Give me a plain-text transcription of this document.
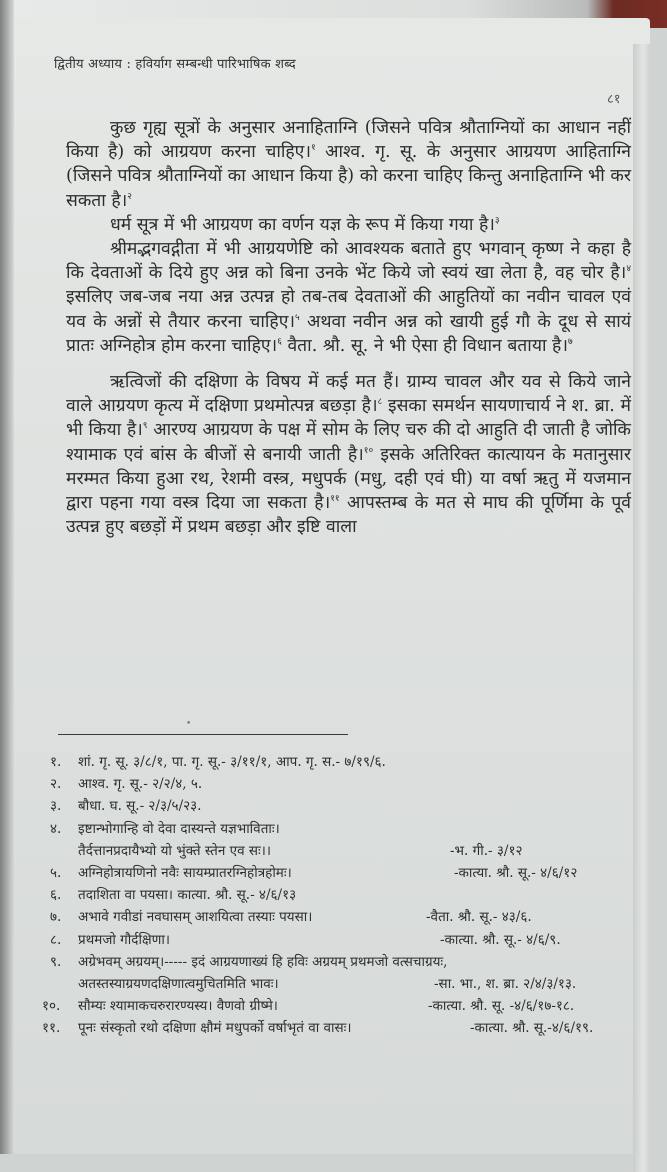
द्वितीय अध्याय : हविर्याग सम्बन्धी पारिभाषिक शब्द
८१

कुछ गृह्य सूत्रों के अनुसार अनाहिताग्नि (जिसने पवित्र श्रौताग्नियों का आधान नहीं किया है) को आग्रयण करना चाहिए।$^१$ आश्व. गृ. सू. के अनुसार आग्रयण आहिताग्नि (जिसने पवित्र श्रौताग्नियों का आधान किया है) को करना चाहिए किन्तु अनाहिताग्नि भी कर सकता है।$^२$

धर्म सूत्र में भी आग्रयण का वर्णन यज्ञ के रूप में किया गया है।$^३$

श्रीमद्भगवद्गीता में भी आग्रयणेष्टि को आवश्यक बताते हुए भगवान् कृष्ण ने कहा है कि देवताओं के दिये हुए अन्न को बिना उनके भेंट किये जो स्वयं खा लेता है, वह चोर है।$^४$ इसलिए जब-जब नया अन्न उत्पन्न हो तब-तब देवताओं की आहुतियों का नवीन चावल एवं यव के अन्नों से तैयार करना चाहिए।$^५$ अथवा नवीन अन्न को खायी हुई गौ के दूध से सायं प्रातः अग्निहोत्र होम करना चाहिए।$^६$ वैता. श्रौ. सू. ने भी ऐसा ही विधान बताया है।$^७$

ऋत्विजों की दक्षिणा के विषय में कई मत हैं। ग्राम्य चावल और यव से किये जाने वाले आग्रयण कृत्य में दक्षिणा प्रथमोत्पन्न बछड़ा है।$^८$ इसका समर्थन सायणाचार्य ने श. ब्रा. में भी किया है।$^९$ आरण्य आग्रयण के पक्ष में सोम के लिए चरु की दो आहुति दी जाती है जोकि श्यामाक एवं बांस के बीजों से बनायी जाती है।$^{१०}$ इसके अतिरिक्त कात्यायन के मतानुसार मरम्मत किया हुआ रथ, रेशमी वस्त्र, मधुपर्क (मधु, दही एवं घी) या वर्षा ऋतु में यजमान द्वारा पहना गया वस्त्र दिया जा सकता है।$^{११}$ आपस्तम्ब के मत से माघ की पूर्णिमा के पूर्व उत्पन्न हुए बछड़ों में प्रथम बछड़ा और इष्टि वाला

•
१. शां. गृ. सू. ३/८/१, पा. गृ. सू.- ३/११/१, आप. गृ. स.- ७/१९/६.
२. आश्व. गृ. सू.- २/२/४, ५.
३. बौधा. घ. सू.- २/३/५/२३.
४. इष्टान्भोगान्हि वो देवा दास्यन्ते यज्ञभाविताः।
तैर्दत्तानप्रदायैभ्यो यो भुंक्ते स्तेन एव सः।।	-भ. गी.- ३/१२
५. अग्निहोत्रायणिनो नवैः सायम्प्रातरग्निहोत्रहोमः।	-कात्या. श्रौ. सू.- ४/६/१२
६. तदाशिता वा पयसा। कात्या. श्रौ. सू.- ४/६/१३
७. अभावे गवीडां नवघासम् आशयित्वा तस्याः पयसा।	-वैता. श्रौ. सू.- ४३/६.
८. प्रथमजो गौर्दक्षिणा।	-कात्या. श्रौ. सू.- ४/६/९.
९. अग्रेभवम् अग्रयम्।----- इदं आग्रयणाख्यं हि हविः अग्रयम् प्रथमजो वत्सचाग्रयः,
अतस्तस्याग्रयणदक्षिणात्वमुचितमिति भावः।	-सा. भा., श. ब्रा. २/४/३/१३.
१०. सौम्यः श्यामाकचरुरारण्यस्य। वैणवो ग्रीष्मे।	-कात्या. श्रौ. सू. -४/६/१७-१८.
११. पूनः संस्कृतो रथो दक्षिणा क्षौमं मधुपर्को वर्षाभृतं वा वासः।	-कात्या. श्रौ. सू.-४/६/१९.
